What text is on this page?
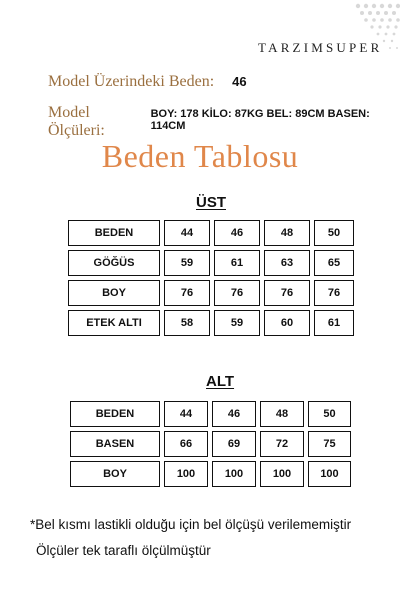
TARZIMSUPER
Model Üzerindeki Beden: 46
Model Ölçüleri:
BOY: 178 KİLO: 87KG BEL: 89CM BASEN: 114CM
Beden Tablosu
ÜST
BEDEN	44	46	48	50
GÖĞÜS	59	61	63	65
BOY	76	76	76	76
ETEK ALTI	58	59	60	61
ALT
BEDEN	44	46	48	50
BASEN	66	69	72	75
BOY	100	100	100	100
*Bel kısmı lastikli olduğu için bel ölçüşü verilememiştir
Ölçüler tek taraflı ölçülmüştür
